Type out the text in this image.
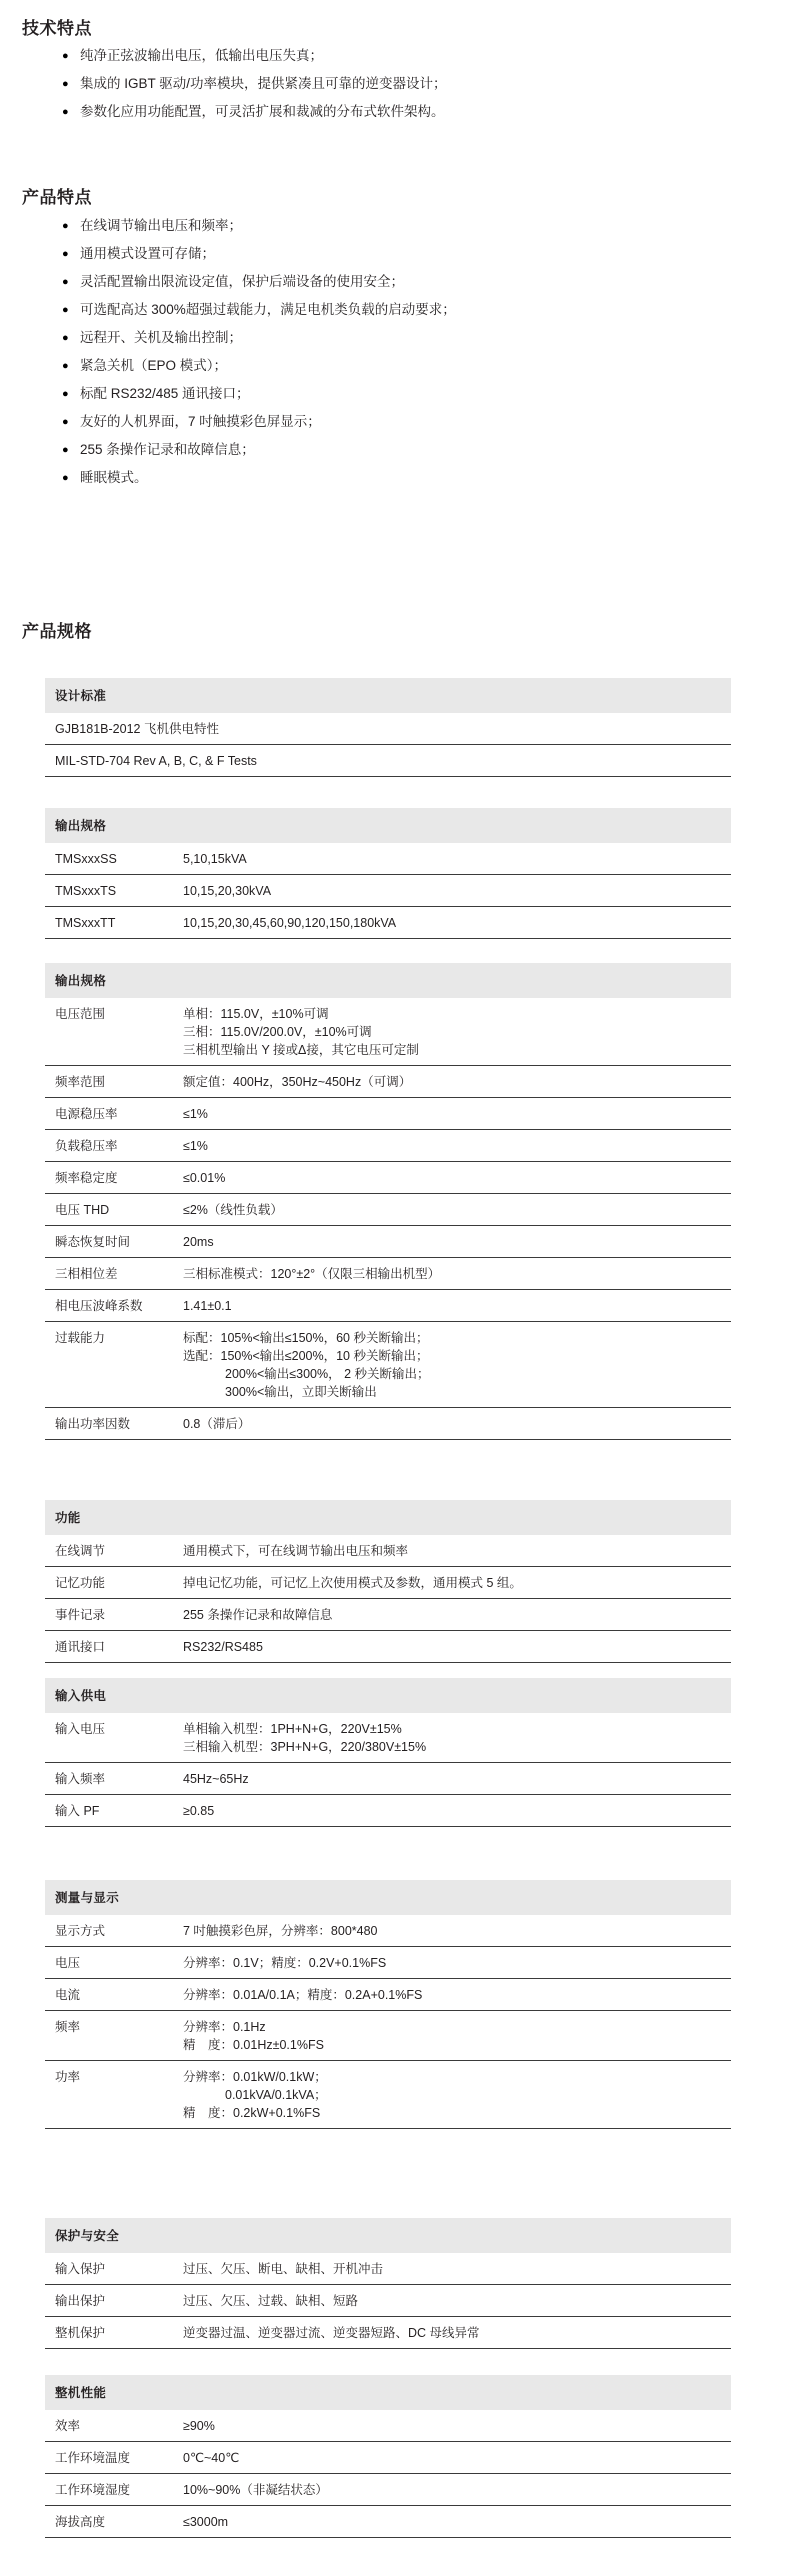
技术特点
● 纯净正弦波输出电压，低输出电压失真；
● 集成的 IGBT 驱动/功率模块，提供紧凑且可靠的逆变器设计；
● 参数化应用功能配置，可灵活扩展和裁减的分布式软件架构。
产品特点
● 在线调节输出电压和频率；
● 通用模式设置可存储；
● 灵活配置输出限流设定值，保护后端设备的使用安全；
● 可选配高达 300%超强过载能力，满足电机类负载的启动要求；
● 远程开、关机及输出控制；
● 紧急关机（EPO 模式）；
● 标配 RS232/485 通讯接口；
● 友好的人机界面，7 吋触摸彩色屏显示；
● 255 条操作记录和故障信息；
● 睡眠模式。
产品规格
设计标准
GJB181B-2012 飞机供电特性
MIL-STD-704 Rev A, B, C, & F Tests
输出规格	
TMSxxxSS	5,10,15kVA
TMSxxxTS	10,15,20,30kVA
TMSxxxTT	10,15,20,30,45,60,90,120,150,180kVA
输出规格	
电压范围	单相：115.0V，±10%可调
三相：115.0V/200.0V，±10%可调
三相机型输出 Y 接或Δ接，其它电压可定制

频率范围	额定值：400Hz，350Hz~450Hz（可调）
电源稳压率	≤1%
负载稳压率	≤1%
频率稳定度	≤0.01%
电压 THD	≤2%（线性负载）
瞬态恢复时间	20ms
三相相位差	三相标准模式：120°±2°（仅限三相输出机型）
相电压波峰系数	1.41±0.1
过载能力	标配：105%<输出≤150%，60 秒关断输出；
选配：150%<输出≤200%，10 秒关断输出；
200%<输出≤300%， 2 秒关断输出；
300%<输出，立即关断输出

输出功率因数	0.8（滞后）
功能	
在线调节	通用模式下，可在线调节输出电压和频率
记忆功能	掉电记忆功能，可记忆上次使用模式及参数，通用模式 5 组。
事件记录	255 条操作记录和故障信息
通讯接口	RS232/RS485
输入供电	
输入电压	单相输入机型：1PH+N+G，220V±15%
三相输入机型：3PH+N+G，220/380V±15%

输入频率	45Hz~65Hz
输入 PF	≥0.85
测量与显示	
显示方式	7 吋触摸彩色屏，分辨率：800*480
电压	分辨率：0.1V；精度：0.2V+0.1%FS
电流	分辨率：0.01A/0.1A；精度：0.2A+0.1%FS
频率	分辨率：0.1Hz
精　度：0.01Hz±0.1%FS

功率	分辨率：0.01kW/0.1kW；
0.01kVA/0.1kVA；
精　度：0.2kW+0.1%FS
保护与安全	
输入保护	过压、欠压、断电、缺相、开机冲击
输出保护	过压、欠压、过载、缺相、短路
整机保护	逆变器过温、逆变器过流、逆变器短路、DC 母线异常
整机性能	
效率	≥90%
工作环境温度	0℃~40℃
工作环境湿度	10%~90%（非凝结状态）
海拔高度	≤3000m
